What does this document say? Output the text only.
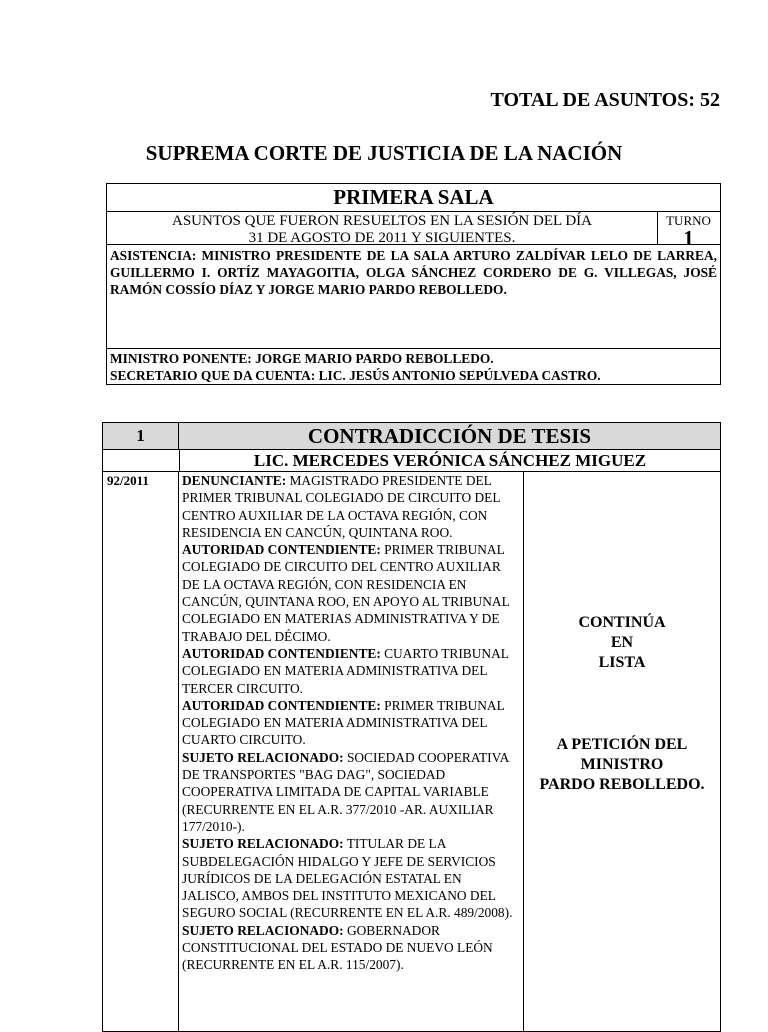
TOTAL DE ASUNTOS: 52
SUPREMA CORTE DE JUSTICIA DE LA NACIÓN
PRIMERA SALA
ASUNTOS QUE FUERON RESUELTOS EN LA SESIÓN DEL DÍA
31 DE AGOSTO DE 2011 Y SIGUIENTES.
TURNO
1
ASISTENCIA: MINISTRO PRESIDENTE DE LA SALA ARTURO ZALDÍVAR LELO DE LARREA, GUILLERMO I. ORTÍZ MAYAGOITIA, OLGA SÁNCHEZ CORDERO DE G. VILLEGAS, JOSÉ RAMÓN COSSÍO DÍAZ Y JORGE MARIO PARDO REBOLLEDO.
MINISTRO PONENTE: JORGE MARIO PARDO REBOLLEDO.
SECRETARIO QUE DA CUENTA: LIC. JESÚS ANTONIO SEPÚLVEDA CASTRO.
1	CONTRADICCIÓN DE TESIS
LIC. MERCEDES VERÓNICA SÁNCHEZ MIGUEZ
92/2011	DENUNCIANTE: MAGISTRADO PRESIDENTE DEL PRIMER TRIBUNAL COLEGIADO DE CIRCUITO DEL CENTRO AUXILIAR DE LA OCTAVA REGIÓN, CON RESIDENCIA EN CANCÚN, QUINTANA ROO.

AUTORIDAD CONTENDIENTE: PRIMER TRIBUNAL COLEGIADO DE CIRCUITO DEL CENTRO AUXILIAR DE LA OCTAVA REGIÓN, CON RESIDENCIA EN CANCÚN, QUINTANA ROO, EN APOYO AL TRIBUNAL COLEGIADO EN MATERIAS ADMINISTRATIVA Y DE TRABAJO DEL DÉCIMO.

AUTORIDAD CONTENDIENTE: CUARTO TRIBUNAL COLEGIADO EN MATERIA ADMINISTRATIVA DEL TERCER CIRCUITO.

AUTORIDAD CONTENDIENTE: PRIMER TRIBUNAL COLEGIADO EN MATERIA ADMINISTRATIVA DEL CUARTO CIRCUITO.

SUJETO RELACIONADO: SOCIEDAD COOPERATIVA DE TRANSPORTES "BAG DAG", SOCIEDAD COOPERATIVA LIMITADA DE CAPITAL VARIABLE (RECURRENTE EN EL A.R. 377/2010 -AR. AUXILIAR 177/2010-).

SUJETO RELACIONADO: TITULAR DE LA SUBDELEGACIÓN HIDALGO Y JEFE DE SERVICIOS JURÍDICOS DE LA DELEGACIÓN ESTATAL EN JALISCO, AMBOS DEL INSTITUTO MEXICANO DEL SEGURO SOCIAL (RECURRENTE EN EL A.R. 489/2008).

SUJETO RELACIONADO: GOBERNADOR CONSTITUCIONAL DEL ESTADO DE NUEVO LEÓN (RECURRENTE EN EL A.R. 115/2007).

CONTINÚA
EN
LISTA
A PETICIÓN DEL
MINISTRO
PARDO REBOLLEDO.
